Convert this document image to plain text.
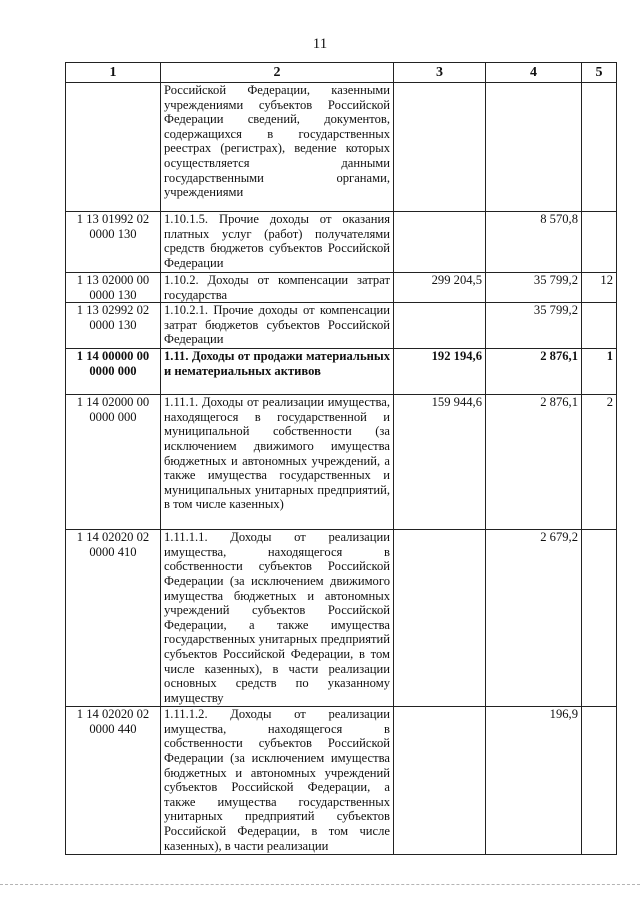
11
1	2	3	4	5
	Российской Федерации, казенными учреждениями субъектов Российской Федерации сведений, документов, содержащихся в государственных реестрах (регистрах), ведение которых осуществляется данными государственными органами, учреждениями			
1 13 01992 02 0000 130	1.10.1.5. Прочие доходы от оказания платных услуг (работ) получателями средств бюджетов субъектов Российской Федерации		8 570,8	
1 13 02000 00 0000 130	1.10.2. Доходы от компенсации затрат государства	299 204,5	35 799,2	12
1 13 02992 02 0000 130	1.10.2.1. Прочие доходы от компенсации затрат бюджетов субъектов Российской Федерации		35 799,2	
1 14 00000 00 0000 000	1.11. Доходы от продажи материальных и нематериальных активов	192 194,6	2 876,1	1
1 14 02000 00 0000 000	1.11.1. Доходы от реализации имущества, находящегося в государственной и муниципальной собственности (за исключением движимого имущества бюджетных и автономных учреждений, а также имущества государственных и муниципальных унитарных предприятий, в том числе казенных)	159 944,6	2 876,1	2
1 14 02020 02 0000 410	1.11.1.1. Доходы от реализации имущества, находящегося в собственности субъектов Российской Федерации (за исключением движимого имущества бюджетных и автономных учреждений субъектов Российской Федерации, а также имущества государственных унитарных предприятий субъектов Российской Федерации, в том числе казенных), в части реализации основных средств по указанному имуществу		2 679,2	
1 14 02020 02 0000 440	1.11.1.2. Доходы от реализации имущества, находящегося в собственности субъектов Российской Федерации (за исключением имущества бюджетных и автономных учреждений субъектов Российской Федерации, а также имущества государственных унитарных предприятий субъектов Российской Федерации, в том числе казенных), в части реализации		196,9	
